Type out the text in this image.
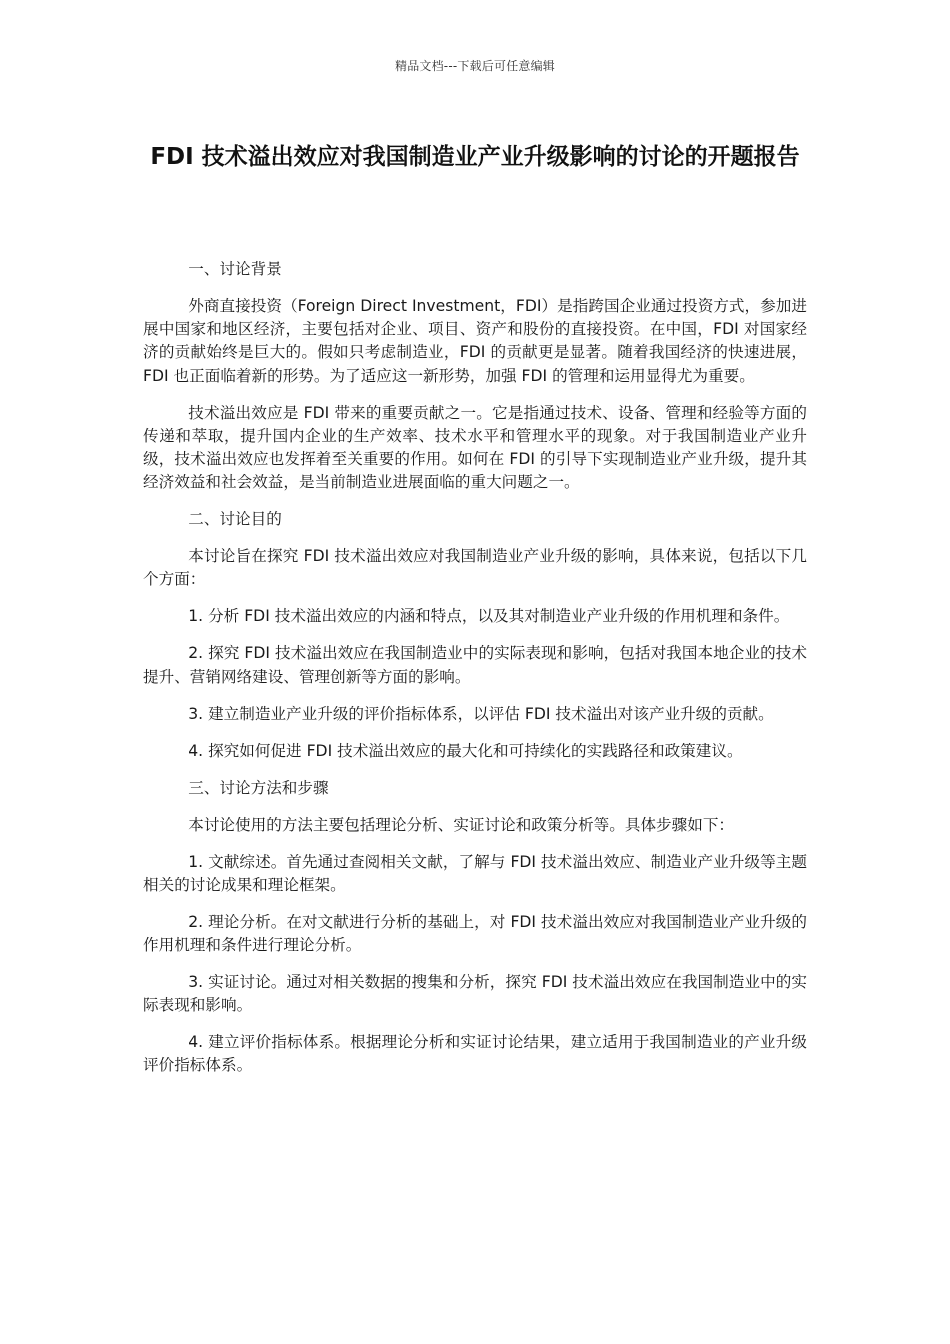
精品文档---下载后可任意编辑
FDI 技术溢出效应对我国制造业产业升级影响的讨论的开题报告

一、讨论背景

外商直接投资（Foreign Direct Investment，FDI）是指跨国企业通过投资方式，参加进展中国家和地区经济，主要包括对企业、项目、资产和股份的直接投资。在中国，FDI 对国家经济的贡献始终是巨大的。假如只考虑制造业，FDI 的贡献更是显著。随着我国经济的快速进展，FDI 也正面临着新的形势。为了适应这一新形势，加强 FDI 的管理和运用显得尤为重要。

技术溢出效应是 FDI 带来的重要贡献之一。它是指通过技术、设备、管理和经验等方面的传递和萃取，提升国内企业的生产效率、技术水平和管理水平的现象。对于我国制造业产业升级，技术溢出效应也发挥着至关重要的作用。如何在 FDI 的引导下实现制造业产业升级，提升其经济效益和社会效益，是当前制造业进展面临的重大问题之一。

二、讨论目的

本讨论旨在探究 FDI 技术溢出效应对我国制造业产业升级的影响，具体来说，包括以下几个方面：

1. 分析 FDI 技术溢出效应的内涵和特点，以及其对制造业产业升级的作用机理和条件。

2. 探究 FDI 技术溢出效应在我国制造业中的实际表现和影响，包括对我国本地企业的技术提升、营销网络建设、管理创新等方面的影响。

3. 建立制造业产业升级的评价指标体系，以评估 FDI 技术溢出对该产业升级的贡献。

4. 探究如何促进 FDI 技术溢出效应的最大化和可持续化的实践路径和政策建议。

三、讨论方法和步骤

本讨论使用的方法主要包括理论分析、实证讨论和政策分析等。具体步骤如下：

1. 文献综述。首先通过查阅相关文献，了解与 FDI 技术溢出效应、制造业产业升级等主题相关的讨论成果和理论框架。

2. 理论分析。在对文献进行分析的基础上，对 FDI 技术溢出效应对我国制造业产业升级的作用机理和条件进行理论分析。

3. 实证讨论。通过对相关数据的搜集和分析，探究 FDI 技术溢出效应在我国制造业中的实际表现和影响。

4. 建立评价指标体系。根据理论分析和实证讨论结果，建立适用于我国制造业的产业升级评价指标体系。
